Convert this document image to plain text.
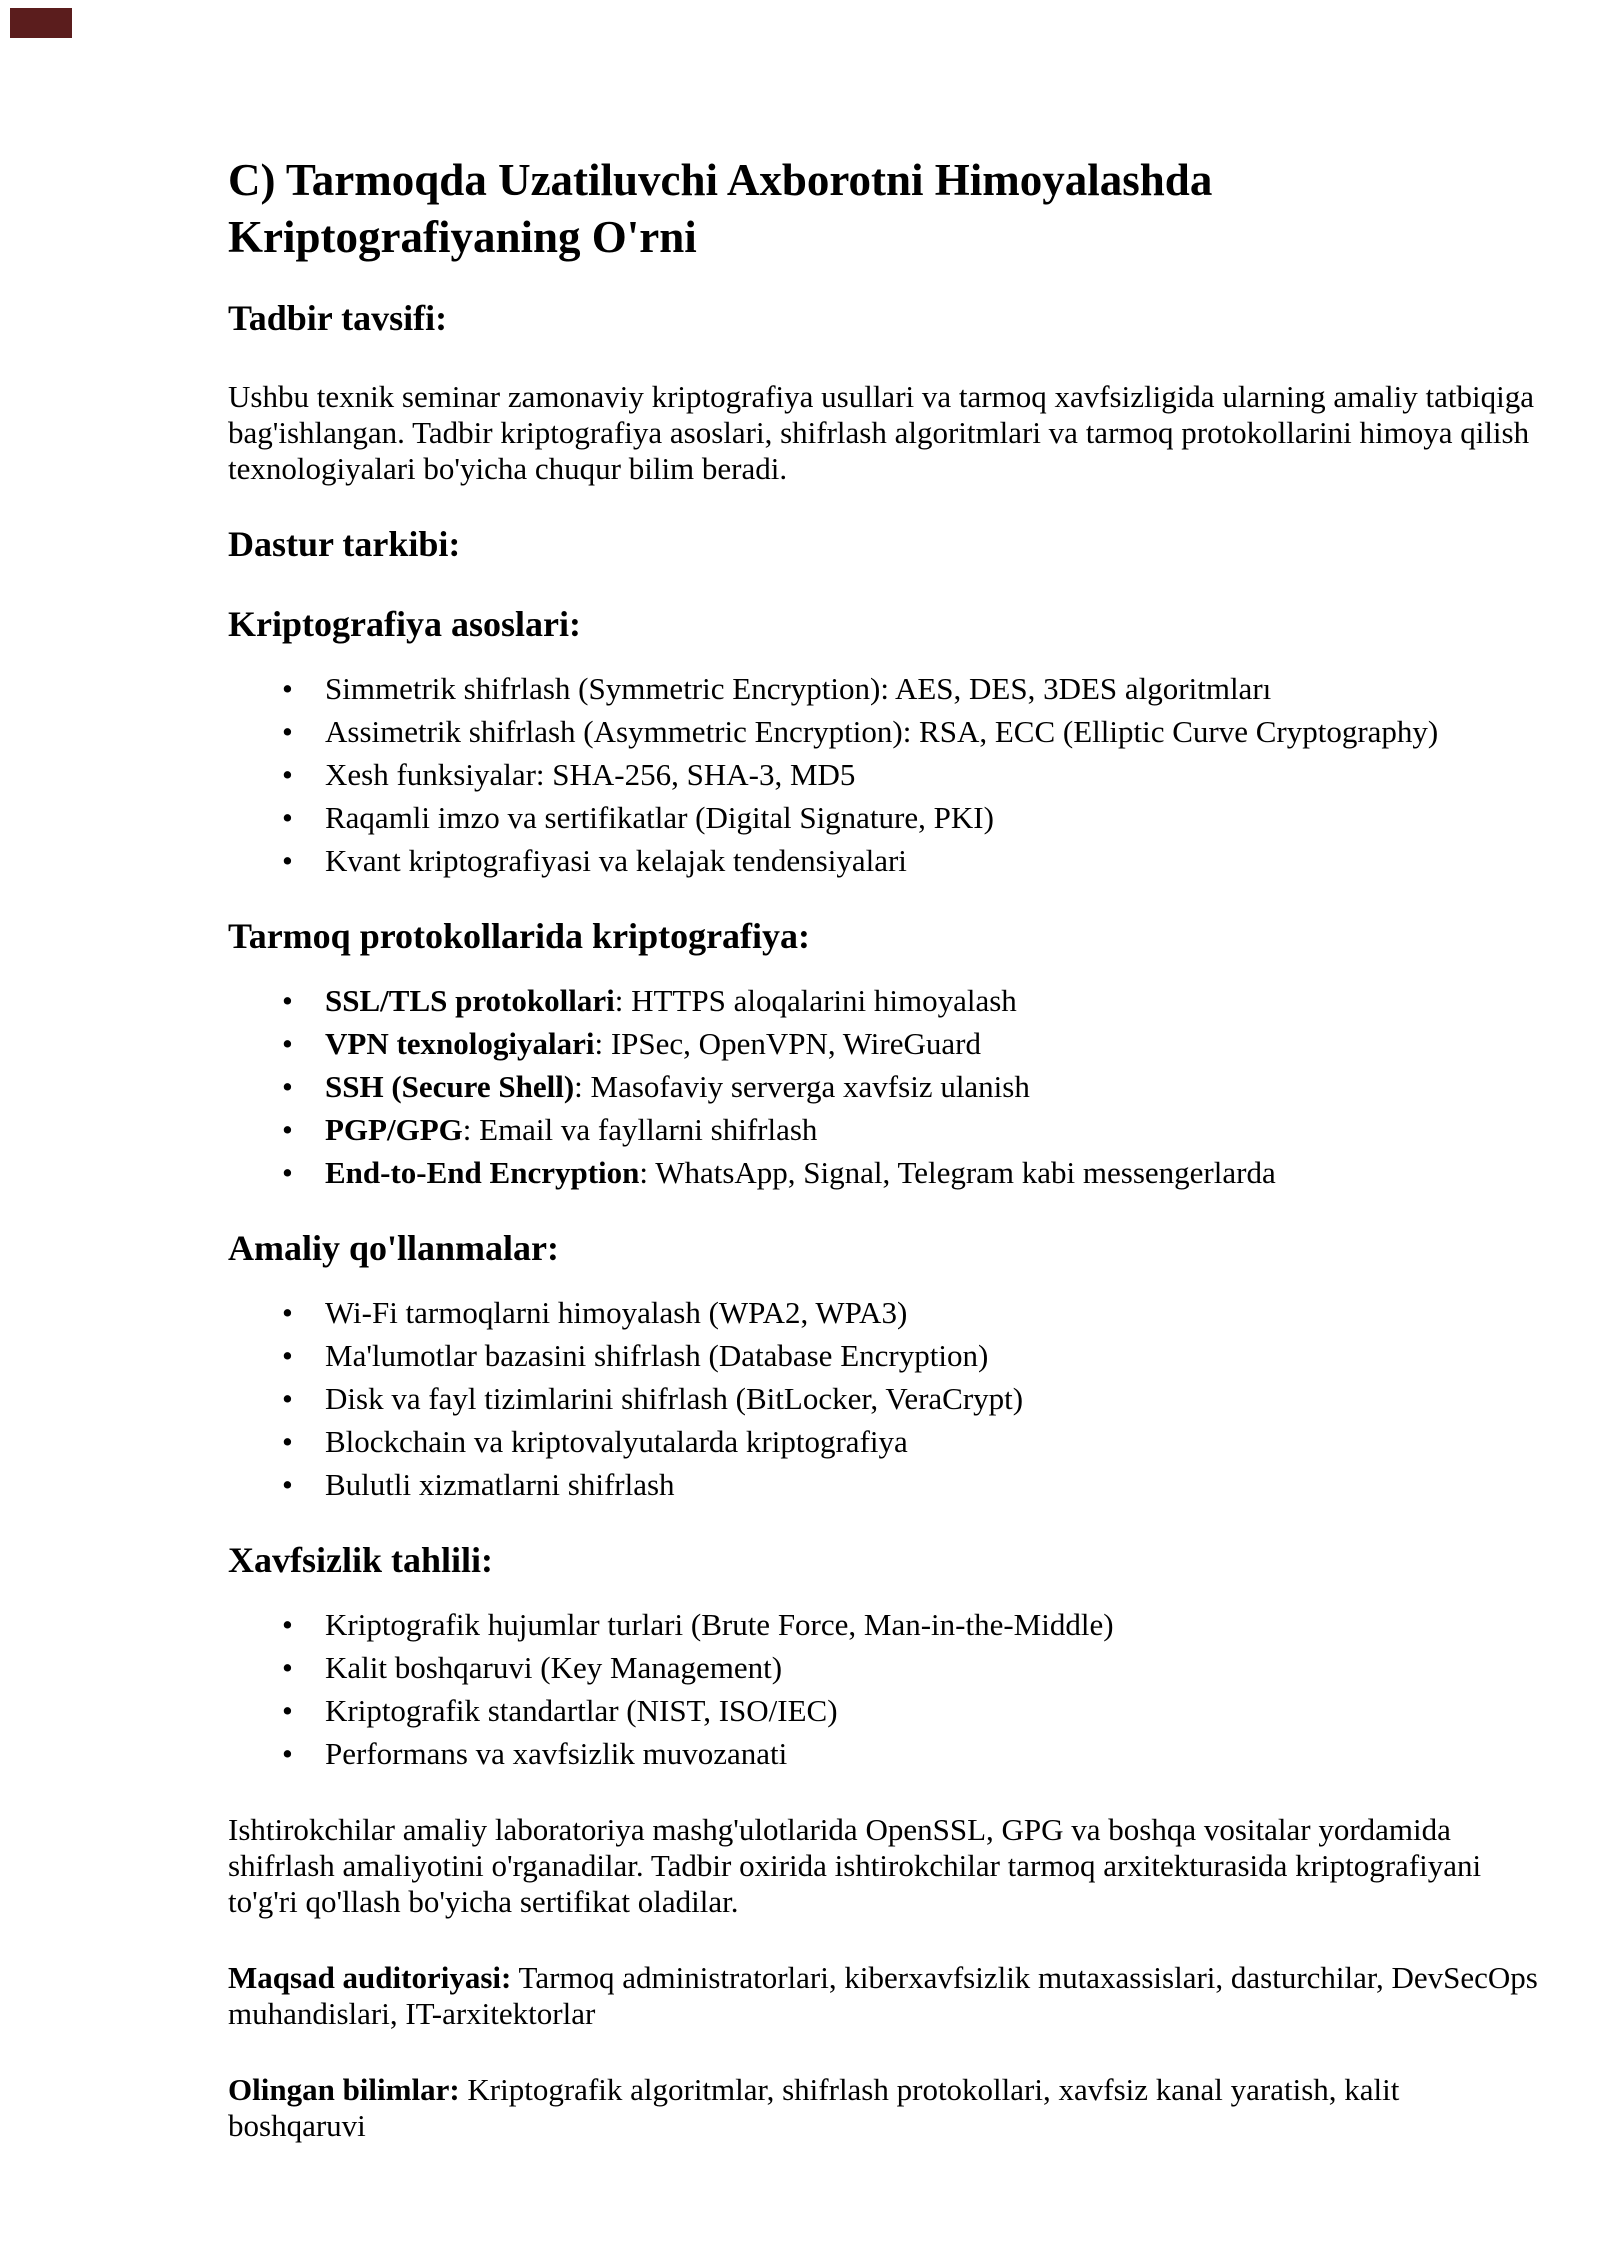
C) Tarmoqda Uzatiluvchi Axborotni Himoyalashda Kriptografiyaning O'rni
Tadbir tavsifi:

Ushbu texnik seminar zamonaviy kriptografiya usullari va tarmoq xavfsizligida ularning amaliy tatbiqiga bag'ishlangan. Tadbir kriptografiya asoslari, shifrlash algoritmlari va tarmoq protokollarini himoya qilish texnologiyalari bo'yicha chuqur bilim beradi.

Dastur tarkibi:
Kriptografiya asoslari:
• Simmetrik shifrlash (Symmetric Encryption): AES, DES, 3DES algoritmları
• Assimetrik shifrlash (Asymmetric Encryption): RSA, ECC (Elliptic Curve Cryptography)
• Xesh funksiyalar: SHA-256, SHA-3, MD5
• Raqamli imzo va sertifikatlar (Digital Signature, PKI)
• Kvant kriptografiyasi va kelajak tendensiyalari
Tarmoq protokollarida kriptografiya:
• SSL/TLS protokollari: HTTPS aloqalarini himoyalash
• VPN texnologiyalari: IPSec, OpenVPN, WireGuard
• SSH (Secure Shell): Masofaviy serverga xavfsiz ulanish
• PGP/GPG: Email va fayllarni shifrlash
• End-to-End Encryption: WhatsApp, Signal, Telegram kabi messengerlarda
Amaliy qo'llanmalar:
• Wi-Fi tarmoqlarni himoyalash (WPA2, WPA3)
• Ma'lumotlar bazasini shifrlash (Database Encryption)
• Disk va fayl tizimlarini shifrlash (BitLocker, VeraCrypt)
• Blockchain va kriptovalyutalarda kriptografiya
• Bulutli xizmatlarni shifrlash
Xavfsizlik tahlili:
• Kriptografik hujumlar turlari (Brute Force, Man-in-the-Middle)
• Kalit boshqaruvi (Key Management)
• Kriptografik standartlar (NIST, ISO/IEC)
• Performans va xavfsizlik muvozanati

Ishtirokchilar amaliy laboratoriya mashg'ulotlarida OpenSSL, GPG va boshqa vositalar yordamida shifrlash amaliyotini o'rganadilar. Tadbir oxirida ishtirokchilar tarmoq arxitekturasida kriptografiyani to'g'ri qo'llash bo'yicha sertifikat oladilar.

Maqsad auditoriyasi: Tarmoq administratorlari, kiberxavfsizlik mutaxassislari, dasturchilar, DevSecOps muhandislari, IT-arxitektorlar

Olingan bilimlar: Kriptografik algoritmlar, shifrlash protokollari, xavfsiz kanal yaratish, kalit boshqaruvi
